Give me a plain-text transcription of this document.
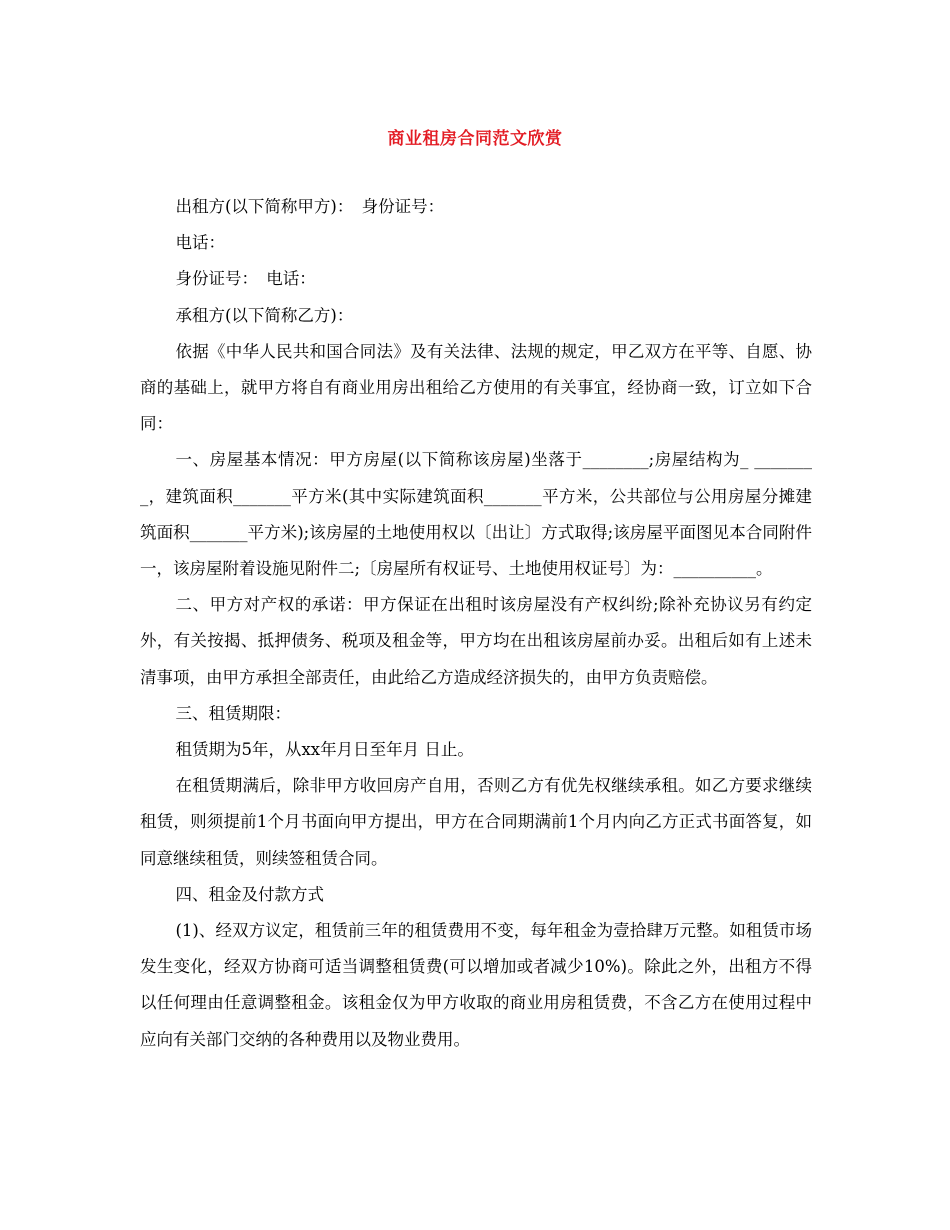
商业租房合同范文欣赏

出租方(以下简称甲方)：　身份证号：

电话：

身份证号：　电话：

承租方(以下简称乙方)：

依据《中华人民共和国合同法》及有关法律、法规的规定，甲乙双方在平等、自愿、协商的基础上，就甲方将自有商业用房出租给乙方使用的有关事宜，经协商一致，订立如下合同：

一、房屋基本情况：甲方房屋(以下简称该房屋)坐落于________;房屋结构为_ ________，建筑面积_______平方米(其中实际建筑面积_______平方米，公共部位与公用房屋分摊建筑面积_______平方米);该房屋的土地使用权以〔出让〕方式取得;该房屋平面图见本合同附件一，该房屋附着设施见附件二;〔房屋所有权证号、土地使用权证号〕为：__________。

二、甲方对产权的承诺：甲方保证在出租时该房屋没有产权纠纷;除补充协议另有约定外，有关按揭、抵押债务、税项及租金等，甲方均在出租该房屋前办妥。出租后如有上述未清事项，由甲方承担全部责任，由此给乙方造成经济损失的，由甲方负责赔偿。

三、租赁期限：

租赁期为5年，从xx年月日至年月 日止。

在租赁期满后，除非甲方收回房产自用，否则乙方有优先权继续承租。如乙方要求继续租赁，则须提前1个月书面向甲方提出，甲方在合同期满前1个月内向乙方正式书面答复，如同意继续租赁，则续签租赁合同。

四、租金及付款方式

(1)、经双方议定，租赁前三年的租赁费用不变，每年租金为壹拾肆万元整。如租赁市场发生变化，经双方协商可适当调整租赁费(可以增加或者减少10%)。除此之外，出租方不得以任何理由任意调整租金。该租金仅为甲方收取的商业用房租赁费，不含乙方在使用过程中应向有关部门交纳的各种费用以及物业费用。
